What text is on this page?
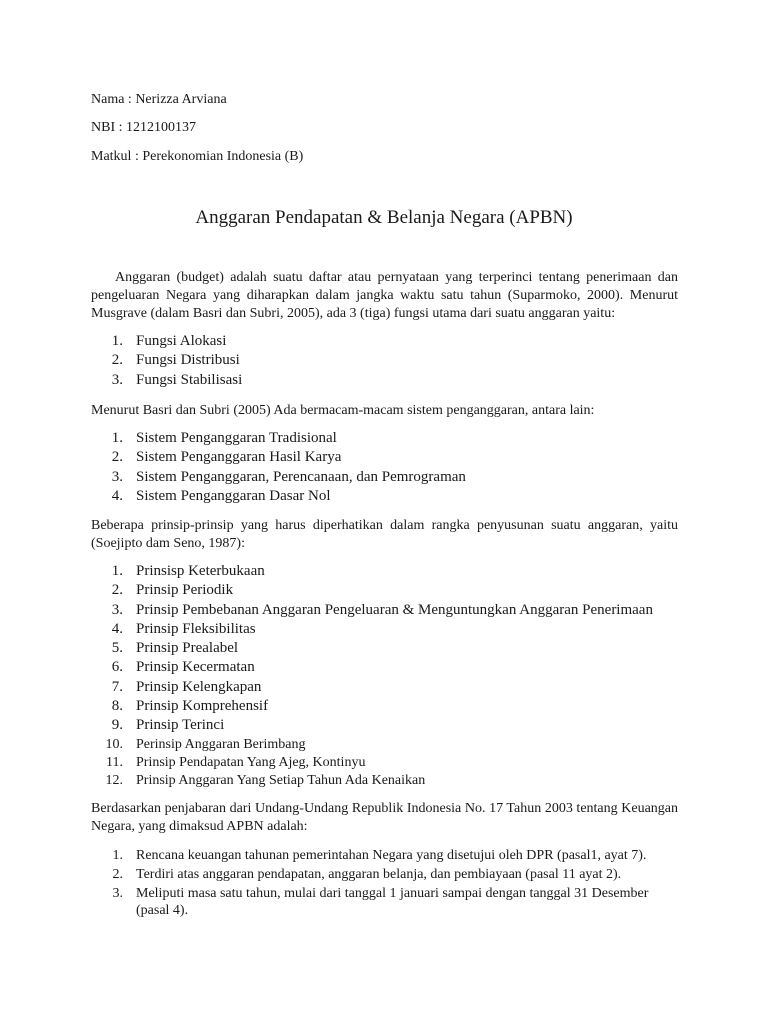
Nama : Nerizza Arviana
NBI : 1212100137
Matkul : Perekonomian Indonesia (B)
Anggaran Pendapatan & Belanja Negara (APBN)
Anggaran (budget) adalah suatu daftar atau pernyataan yang terperinci tentang penerimaan dan pengeluaran Negara yang diharapkan dalam jangka waktu satu tahun (Suparmoko, 2000). Menurut Musgrave (dalam Basri dan Subri, 2005), ada 3 (tiga) fungsi utama dari suatu anggaran yaitu:
1. Fungsi Alokasi
2. Fungsi Distribusi
3. Fungsi Stabilisasi
Menurut Basri dan Subri (2005) Ada bermacam-macam sistem penganggaran, antara lain:
1. Sistem Penganggaran Tradisional
2. Sistem Penganggaran Hasil Karya
3. Sistem Penganggaran, Perencanaan, dan Pemrograman
4. Sistem Penganggaran Dasar Nol
Beberapa prinsip-prinsip yang harus diperhatikan dalam rangka penyusunan suatu anggaran, yaitu (Soejipto dam Seno, 1987):
1. Prinsisp Keterbukaan
2. Prinsip Periodik
3. Prinsip Pembebanan Anggaran Pengeluaran & Menguntungkan Anggaran Penerimaan
4. Prinsip Fleksibilitas
5. Prinsip Prealabel
6. Prinsip Kecermatan
7. Prinsip Kelengkapan
8. Prinsip Komprehensif
9. Prinsip Terinci
10. Perinsip Anggaran Berimbang
11. Prinsip Pendapatan Yang Ajeg, Kontinyu
12. Prinsip Anggaran Yang Setiap Tahun Ada Kenaikan
Berdasarkan penjabaran dari Undang-Undang Republik Indonesia No. 17 Tahun 2003 tentang Keuangan Negara, yang dimaksud APBN adalah:
1. Rencana keuangan tahunan pemerintahan Negara yang disetujui oleh DPR (pasal1, ayat 7).
2. Terdiri atas anggaran pendapatan, anggaran belanja, dan pembiayaan (pasal 11 ayat 2).
3. Meliputi masa satu tahun, mulai dari tanggal 1 januari sampai dengan tanggal 31 Desember (pasal 4).
